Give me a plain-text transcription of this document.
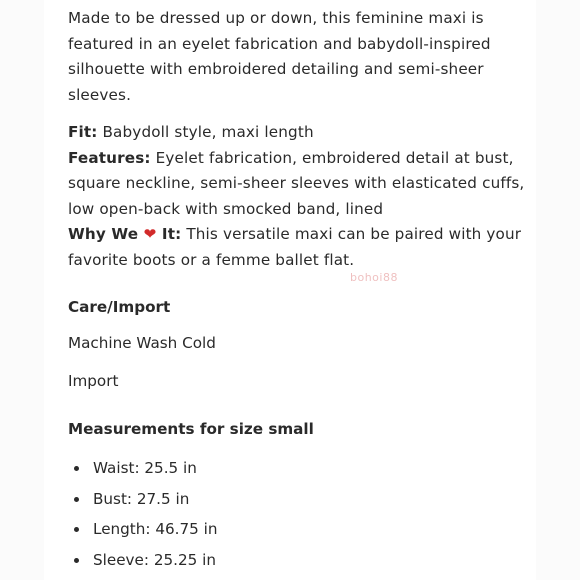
Made to be dressed up or down, this feminine maxi is featured in an eyelet fabrication and babydoll-inspired silhouette with embroidered detailing and semi-sheer sleeves.

Fit: Babydoll style, maxi length

Features: Eyelet fabrication, embroidered detail at bust, square neckline, semi-sheer sleeves with elasticated cuffs, low open-back with smocked band, lined

Why We ❤ It: This versatile maxi can be paired with your favorite boots or a femme ballet flat.

bohoi88
Care/Import
Machine Wash Cold
Import
Measurements for size small
Waist: 25.5 in
Bust: 27.5 in
Length: 46.75 in
Sleeve: 25.25 in
